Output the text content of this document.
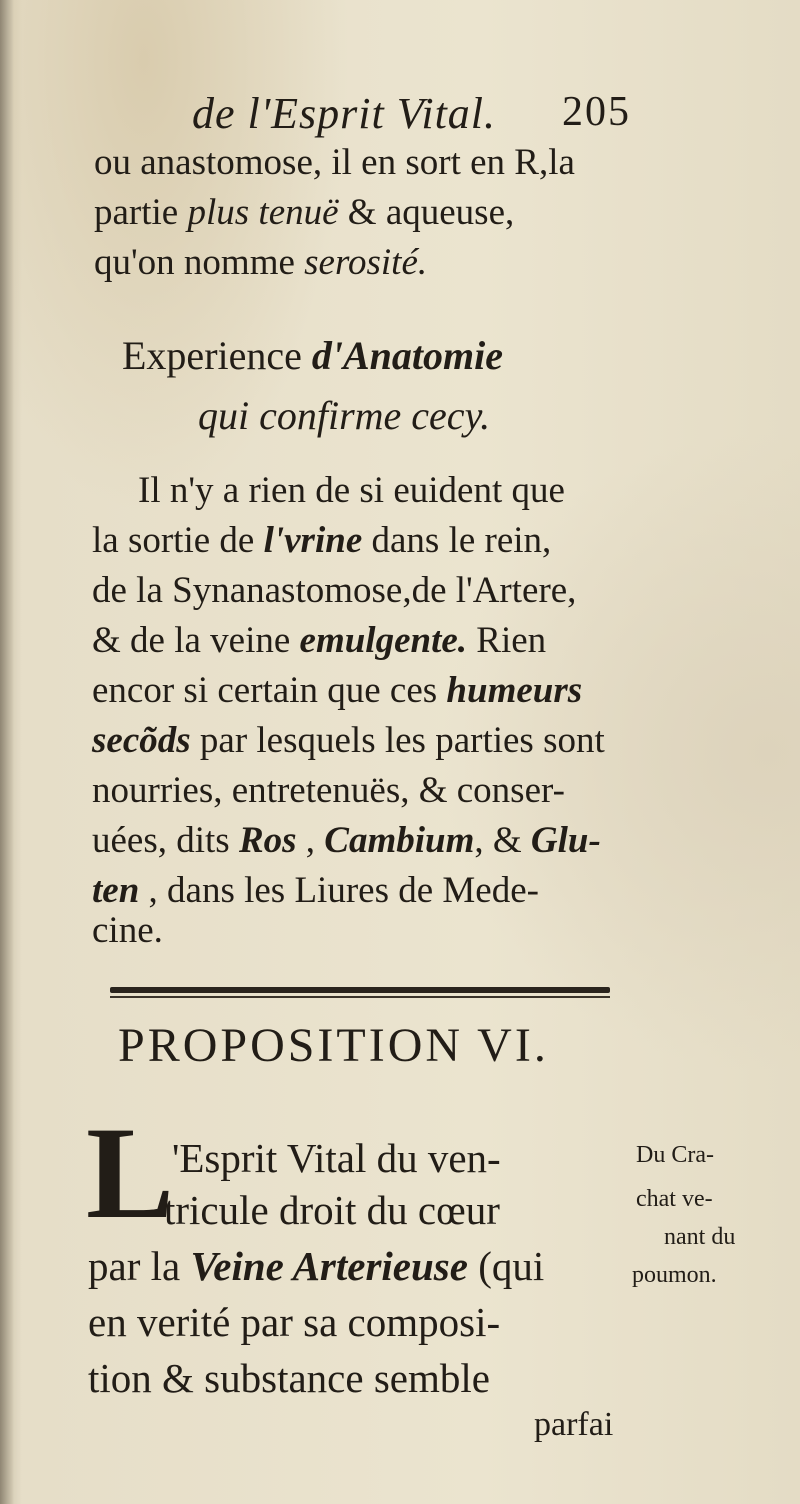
de l'Esprit Vital. 205
ou anastomose, il en sort en R,la
partie plus tenuë & aqueuse,
qu'on nomme serosité.
Experience d'Anatomie
qui confirme cecy.
Il n'y a rien de si euident que
la sortie de l'vrine dans le rein,
de la Synanastomose,de l'Artere,
& de la veine emulgente. Rien
encor si certain que ces humeurs
secõds par lesquels les parties sont
nourries, entretenuës, & conser-
uées, dits Ros , Cambium, & Glu-
ten , dans les Liures de Mede-
cine.
PROPOSITION VI.
L
'Esprit Vital du ven-
tricule droit du cœur
par la Veine Arterieuse (qui
en verité par sa composi-
tion & substance semble
parfai
Du Cra-
chat ve-
nant du
poumon.
